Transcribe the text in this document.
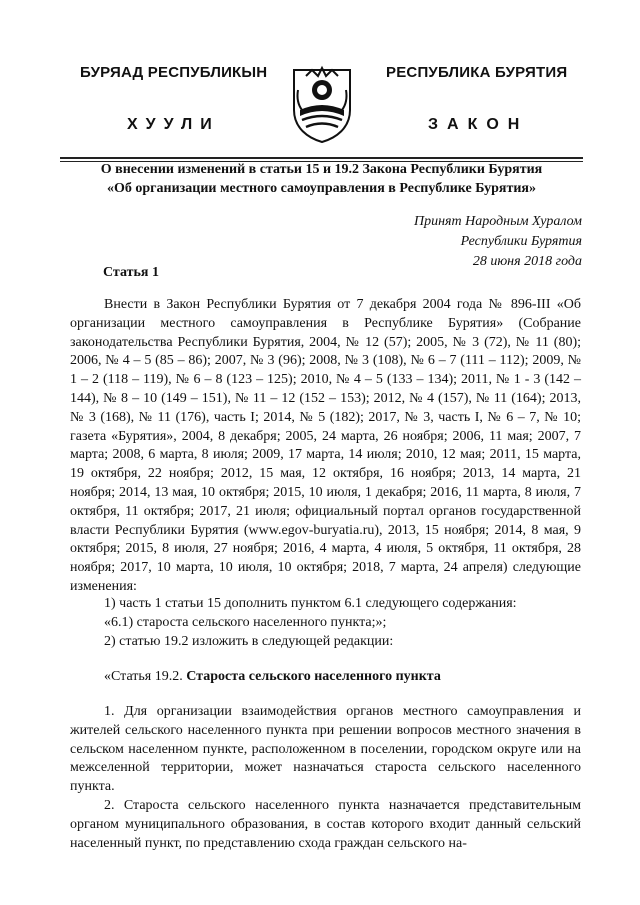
БУРЯАД РЕСПУБЛИКЫН	РЕСПУБЛИКА БУРЯТИЯ
ХУУЛИ	ЗАКОН
О внесении изменений в статьи 15 и 19.2 Закона Республики Бурятия
«Об организации местного самоуправления в Республике Бурятия»
Принят Народным Хуралом
Республики Бурятия
28 июня 2018 года
Статья 1

Внести в Закон Республики Бурятия от 7 декабря 2004 года № 896-III «Об организации местного самоуправления в Республике Бурятия» (Собрание законодательства Республики Бурятия, 2004, № 12 (57); 2005, № 3 (72), № 11 (80); 2006, № 4 – 5 (85 – 86); 2007, № 3 (96); 2008, № 3 (108), № 6 – 7 (111 – 112); 2009, № 1 – 2 (118 – 119), № 6 – 8 (123 – 125); 2010, № 4 – 5 (133 – 134); 2011, № 1 - 3 (142 – 144), № 8 – 10 (149 – 151), № 11 – 12 (152 – 153); 2012, № 4 (157), № 11 (164); 2013, № 3 (168), № 11 (176), часть I; 2014, № 5 (182); 2017, № 3, часть I, № 6 – 7, № 10; газета «Бурятия», 2004, 8 декабря; 2005, 24 марта, 26 ноября; 2006, 11 мая; 2007, 7 марта; 2008, 6 марта, 8 июля; 2009, 17 марта, 14 июля; 2010, 12 мая; 2011, 15 марта, 19 октября, 22 ноября; 2012, 15 мая, 12 октября, 16 ноября; 2013, 14 марта, 21 ноября; 2014, 13 мая, 10 октября; 2015, 10 июля, 1 декабря; 2016, 11 марта, 8 июля, 7 октября, 11 октября; 2017, 21 июля; официальный портал органов государственной власти Республики Бурятия (www.egov-buryatia.ru), 2013, 15 ноября; 2014, 8 мая, 9 октября; 2015, 8 июля, 27 ноября; 2016, 4 марта, 4 июля, 5 октября, 11 октября, 28 ноября; 2017, 10 марта, 10 июля, 10 октября; 2018, 7 марта, 24 апреля) следующие изменения:

1) часть 1 статьи 15 дополнить пунктом 6.1 следующего содержания:

«6.1) староста сельского населенного пункта;»;

2) статью 19.2 изложить в следующей редакции:

«Статья 19.2. Староста сельского населенного пункта

1. Для организации взаимодействия органов местного самоуправления и жителей сельского населенного пункта при решении вопросов местного значения в сельском населенном пункте, расположенном в поселении, городском округе или на межселенной территории, может назначаться староста сельского населенного пункта.

2. Староста сельского населенного пункта назначается представительным органом муниципального образования, в состав которого входит данный сельский населенный пункт, по представлению схода граждан сельского на-
